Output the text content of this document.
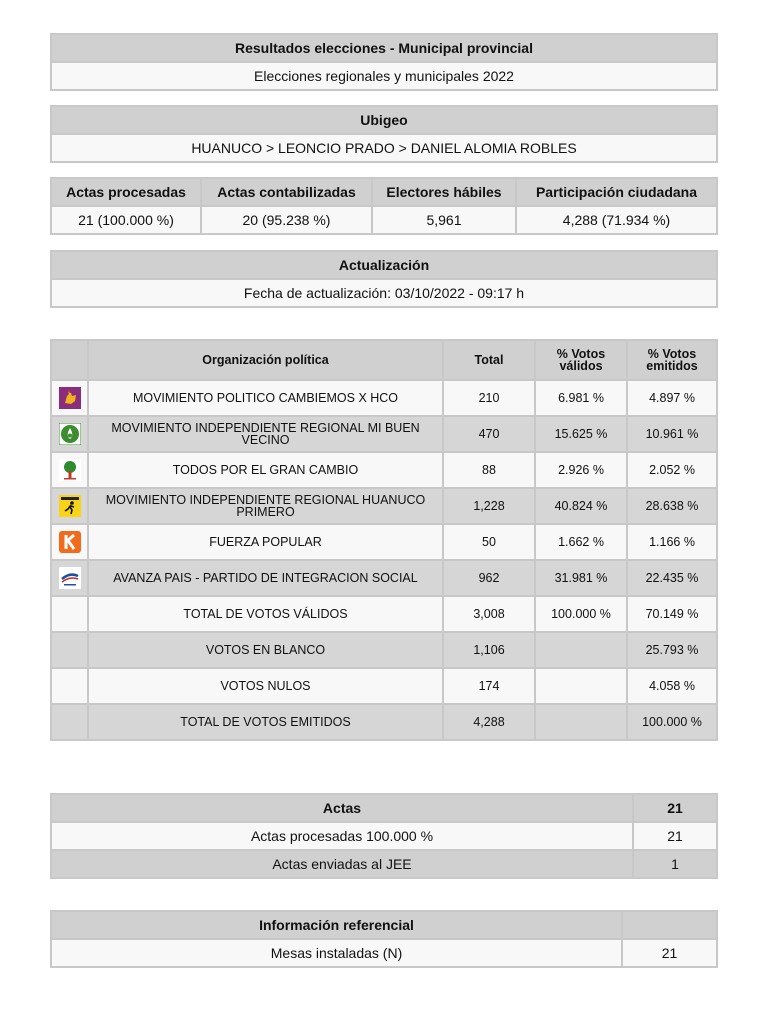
Resultados elecciones - Municipal provincial
Elecciones regionales y municipales 2022
Ubigeo
HUANUCO > LEONCIO PRADO > DANIEL ALOMIA ROBLES
Actas procesadas	Actas contabilizadas	Electores hábiles	Participación ciudadana
21 (100.000 %)	20 (95.238 %)	5,961	4,288 (71.934 %)
Actualización
Fecha de actualización: 03/10/2022 - 09:17 h
	Organización política	Total	% Votos válidos	% Votos emitidos

	MOVIMIENTO POLITICO CAMBIEMOS X HCO	210	6.981 %	4.897 %

	MOVIMIENTO INDEPENDIENTE REGIONAL MI BUEN VECINO	470	15.625 %	10.961 %

	TODOS POR EL GRAN CAMBIO	88	2.926 %	2.052 %

	MOVIMIENTO INDEPENDIENTE REGIONAL HUANUCO PRIMERO	1,228	40.824 %	28.638 %

	FUERZA POPULAR	50	1.662 %	1.166 %

	AVANZA PAIS - PARTIDO DE INTEGRACION SOCIAL	962	31.981 %	22.435 %
	TOTAL DE VOTOS VÁLIDOS	3,008	100.000 %	70.149 %
	VOTOS EN BLANCO	1,106		25.793 %
	VOTOS NULOS	174		4.058 %
	TOTAL DE VOTOS EMITIDOS	4,288		100.000 %
Actas	21
Actas procesadas 100.000 %	21
Actas enviadas al JEE	1
Información referencial	
Mesas instaladas (N)	21
